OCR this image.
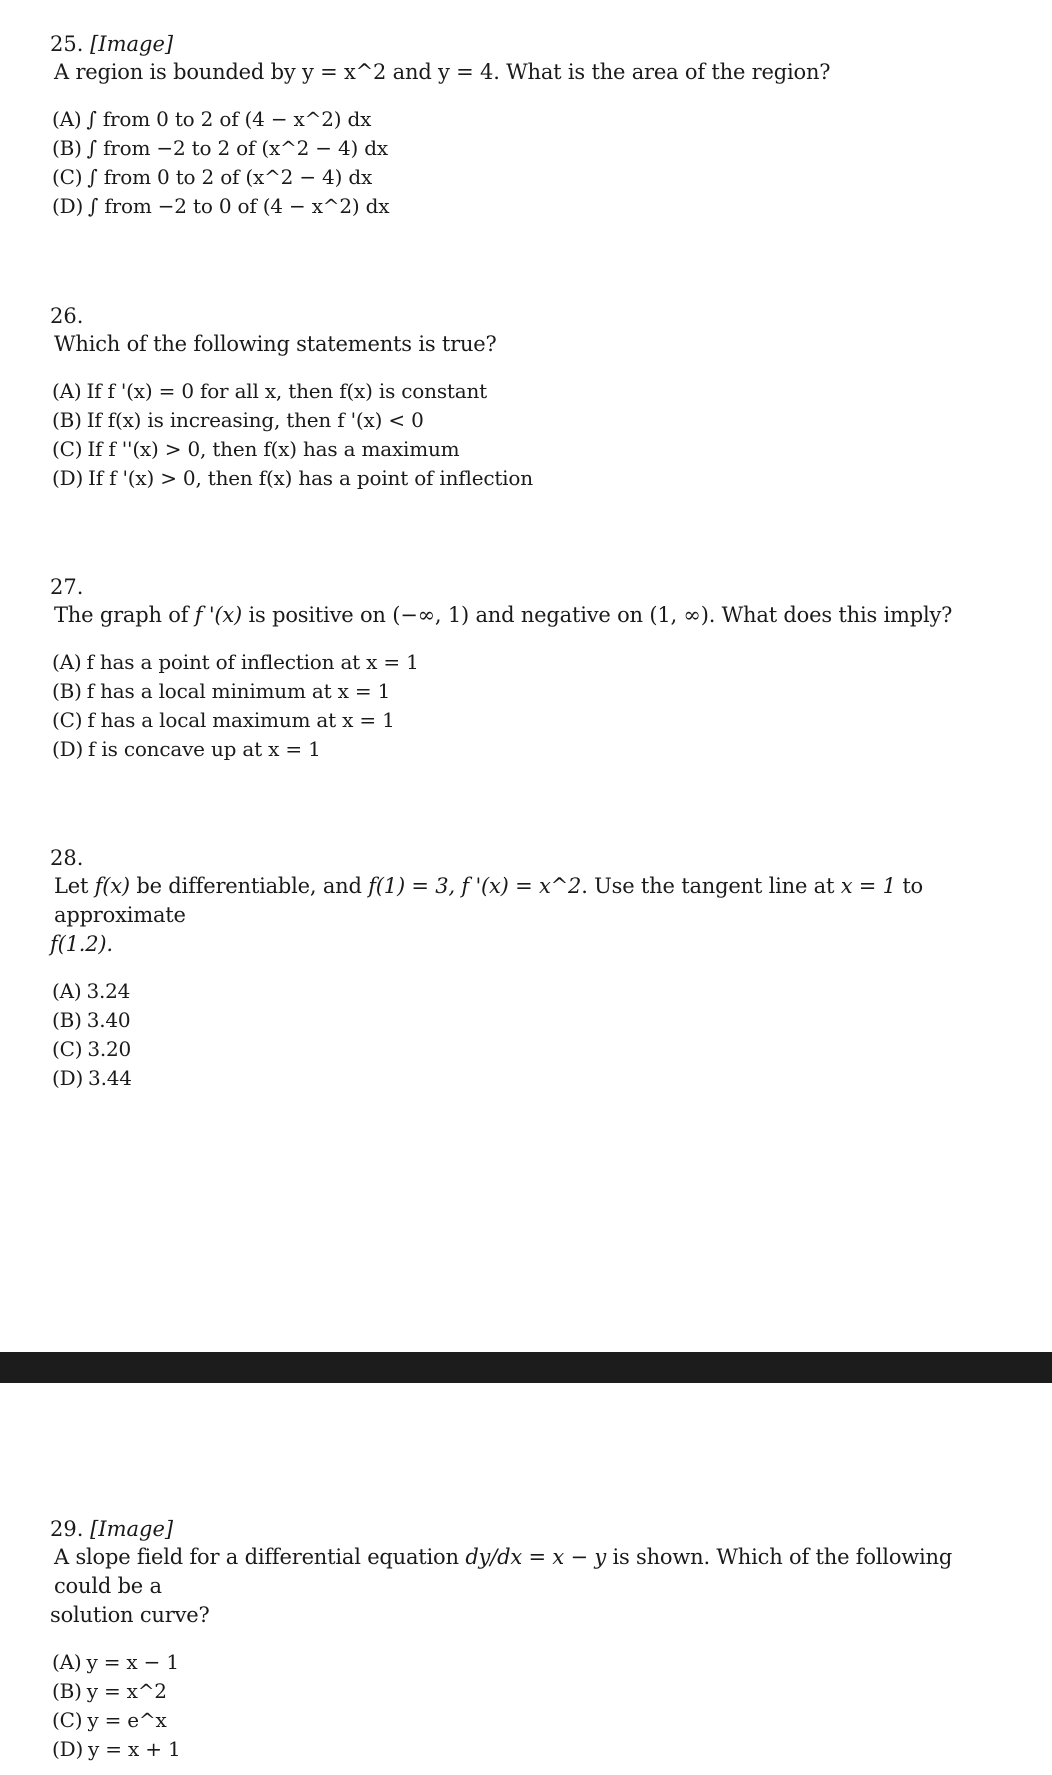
25. [Image]

A region is bounded by y = x^2 and y = 4. What is the area of the region?

(A) ∫ from 0 to 2 of (4 − x^2) dx
(B) ∫ from −2 to 2 of (x^2 − 4) dx
(C) ∫ from 0 to 2 of (x^2 − 4) dx
(D) ∫ from −2 to 0 of (4 − x^2) dx

26.

Which of the following statements is true?

(A) If f '(x) = 0 for all x, then f(x) is constant
(B) If f(x) is increasing, then f '(x) < 0
(C) If f ''(x) > 0, then f(x) has a maximum
(D) If f '(x) > 0, then f(x) has a point of inflection

27.

The graph of f '(x) is positive on (−∞, 1) and negative on (1, ∞). What does this imply?

(A) f has a point of inflection at x = 1
(B) f has a local minimum at x = 1
(C) f has a local maximum at x = 1
(D) f is concave up at x = 1

28.

Let f(x) be differentiable, and f(1) = 3, f '(x) = x^2. Use the tangent line at x = 1 to approximate
f(1.2).

(A) 3.24
(B) 3.40
(C) 3.20
(D) 3.44

29. [Image]

A slope field for a differential equation dy/dx = x − y is shown. Which of the following could be a
solution curve?

(A) y = x − 1
(B) y = x^2
(C) y = e^x
(D) y = x + 1
